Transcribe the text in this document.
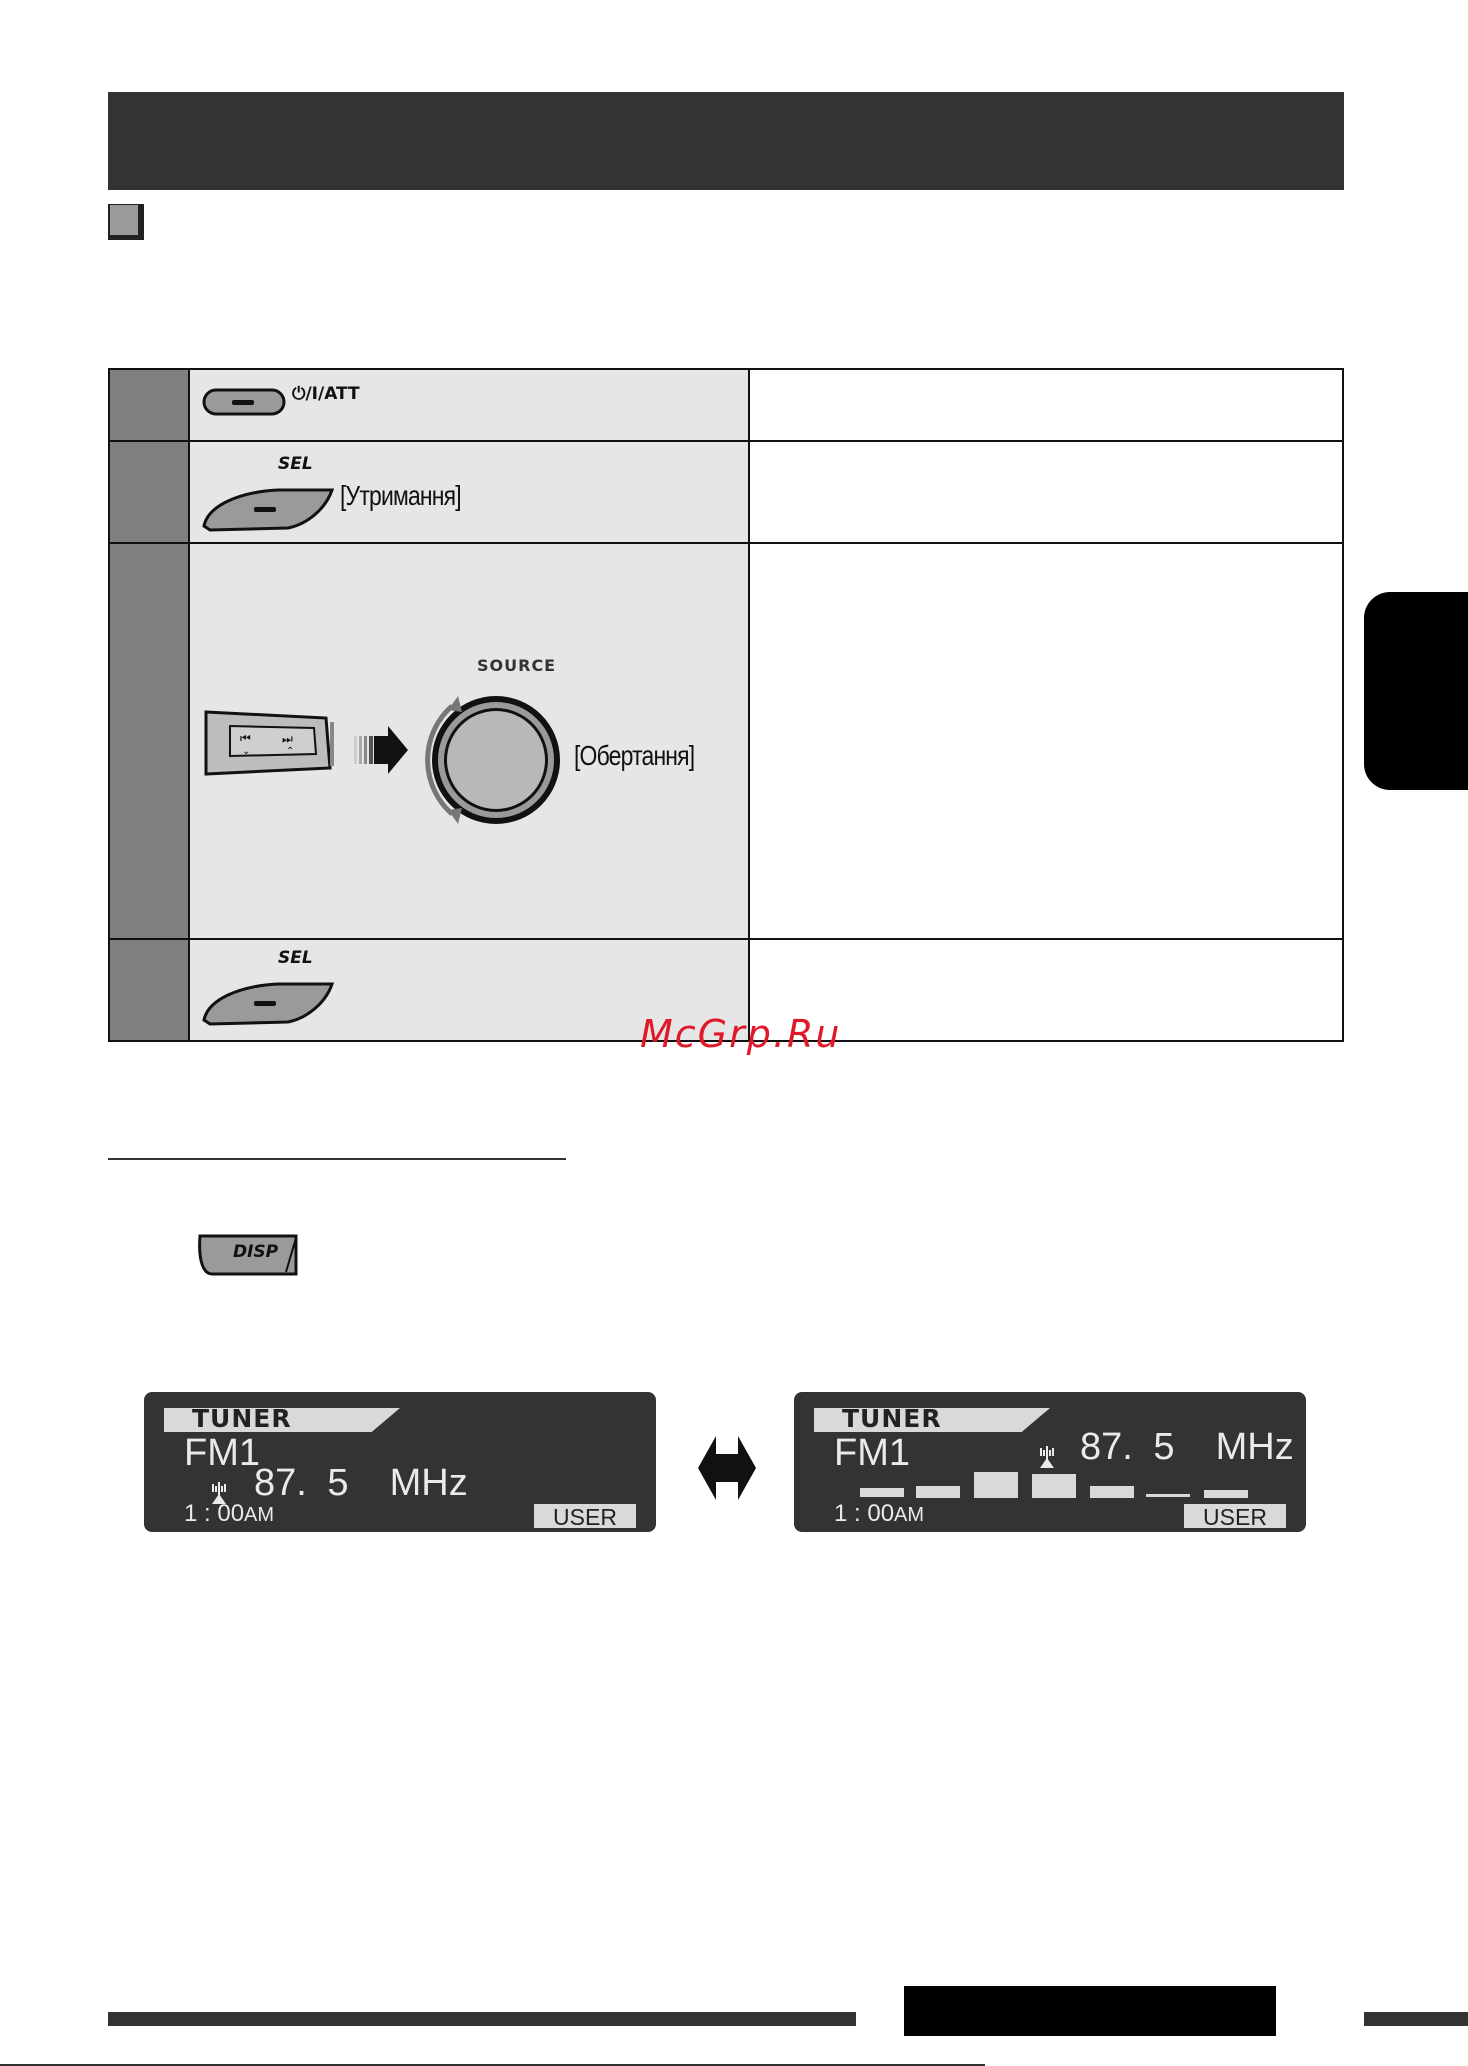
⏻/I/ATT
SEL
[Утримання]
⏮	⏭
⌄	⌃
SOURCE
[Обертання]
SEL
McGrp.Ru
DISP
TUNER
FM1
87. 5  MHz
1 : 00AM	USER
TUNER
FM1	87. 5  MHz
1 : 00AM	USER
